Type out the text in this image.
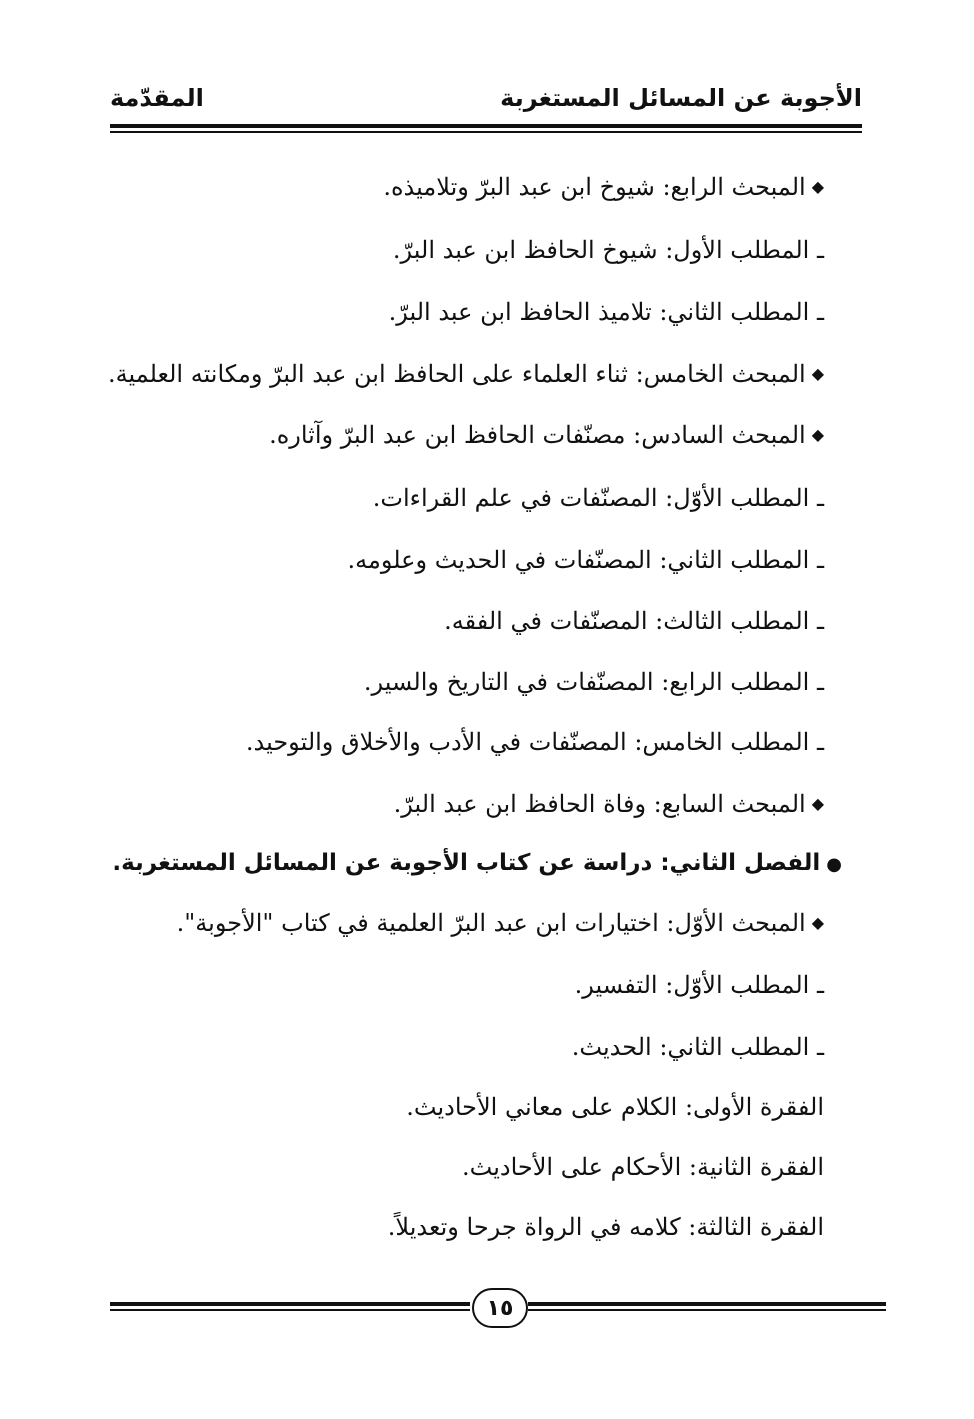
الأجوبة عن المسائل المستغربة
المقدّمة
◆المبحث الرابع: شيوخ ابن عبد البرّ وتلاميذه.
ـ المطلب الأول: شيوخ الحافظ ابن عبد البرّ.
ـ المطلب الثاني: تلاميذ الحافظ ابن عبد البرّ.
◆المبحث الخامس: ثناء العلماء على الحافظ ابن عبد البرّ ومكانته العلمية.
◆المبحث السادس: مصنّفات الحافظ ابن عبد البرّ وآثاره.
ـ المطلب الأوّل: المصنّفات في علم القراءات.
ـ المطلب الثاني: المصنّفات في الحديث وعلومه.
ـ المطلب الثالث: المصنّفات في الفقه.
ـ المطلب الرابع: المصنّفات في التاريخ والسير.
ـ المطلب الخامس: المصنّفات في الأدب والأخلاق والتوحيد.
◆المبحث السابع: وفاة الحافظ ابن عبد البرّ.
●الفصل الثاني: دراسة عن كتاب الأجوبة عن المسائل المستغربة.
◆المبحث الأوّل: اختيارات ابن عبد البرّ العلمية في كتاب "الأجوبة".
ـ المطلب الأوّل: التفسير.
ـ المطلب الثاني: الحديث.
الفقرة الأولى: الكلام على معاني الأحاديث.
الفقرة الثانية: الأحكام على الأحاديث.
الفقرة الثالثة: كلامه في الرواة جرحا وتعديلاً.
١٥
